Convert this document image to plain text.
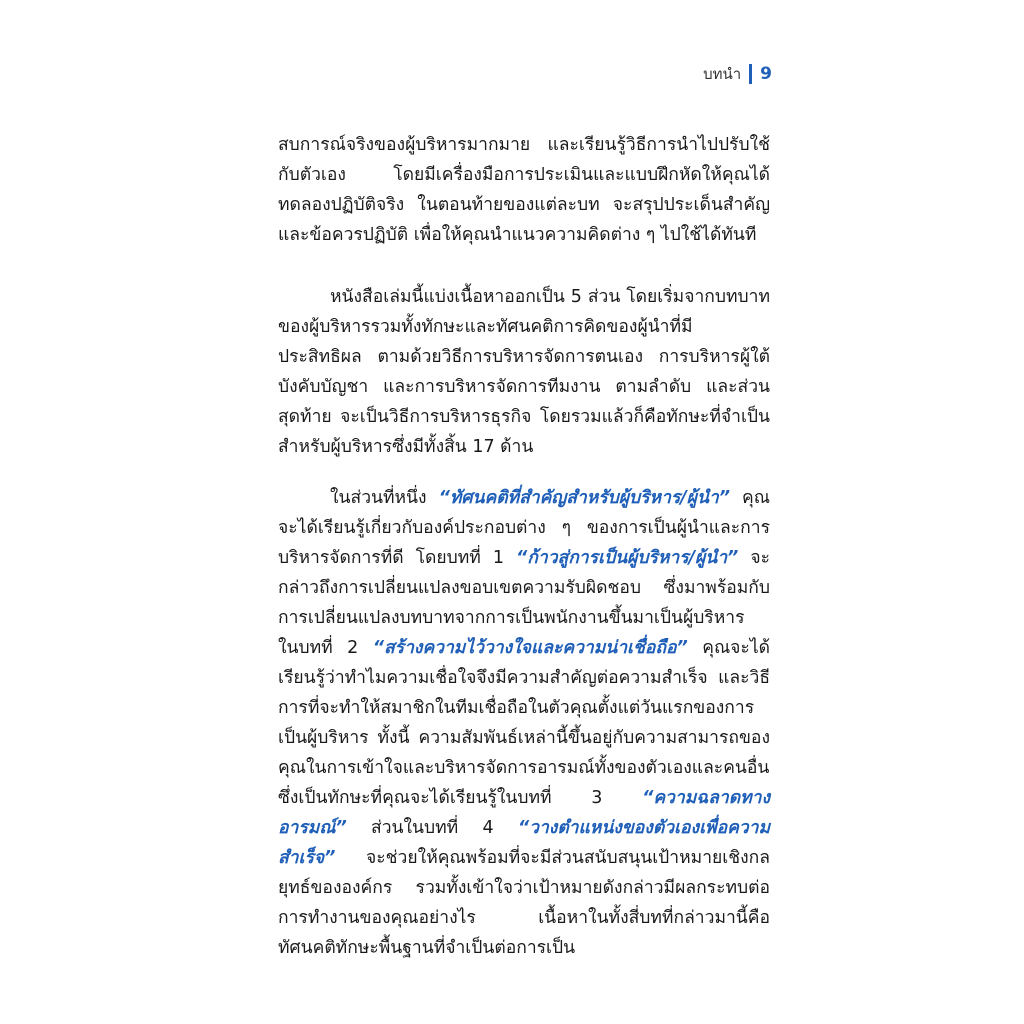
บทนำ 9

สบการณ์จริงของผู้บริหารมากมาย และเรียนรู้วิธีการนำไปปรับใช้กับตัวเอง โดยมีเครื่องมือการประเมินและแบบฝึกหัดให้คุณได้ทดลองปฏิบัติจริง ในตอนท้ายของแต่ละบท จะสรุปประเด็นสำคัญและข้อควรปฏิบัติ เพื่อให้คุณนำแนวความคิดต่าง ๆ ไปใช้ได้ทันที

หนังสือเล่มนี้แบ่งเนื้อหาออกเป็น 5 ส่วน โดยเริ่มจากบทบาทของผู้บริหารรวมทั้งทักษะและทัศนคติการคิดของผู้นำที่มีประสิทธิผล ตามด้วยวิธีการบริหารจัดการตนเอง การบริหารผู้ใต้บังคับบัญชา และการบริหารจัดการทีมงาน ตามลำดับ และส่วนสุดท้าย จะเป็นวิธีการบริหารธุรกิจ โดยรวมแล้วก็คือทักษะที่จำเป็นสำหรับผู้บริหารซึ่งมีทั้งสิ้น 17 ด้าน

ในส่วนที่หนึ่ง “ทัศนคติที่สำคัญสำหรับผู้บริหาร/ผู้นำ” คุณจะได้เรียนรู้เกี่ยวกับองค์ประกอบต่าง ๆ ของการเป็นผู้นำและการบริหารจัดการที่ดี โดยบทที่ 1 “ก้าวสู่การเป็นผู้บริหาร/ผู้นำ” จะกล่าวถึงการเปลี่ยนแปลงขอบเขตความรับผิดชอบ ซึ่งมาพร้อมกับการเปลี่ยนแปลงบทบาทจากการเป็นพนักงานขึ้นมาเป็นผู้บริหาร ในบทที่ 2 “สร้างความไว้วางใจและความน่าเชื่อถือ” คุณจะได้เรียนรู้ว่าทำไมความเชื่อใจจึงมีความสำคัญต่อความสำเร็จ และวิธีการที่จะทำให้สมาชิกในทีมเชื่อถือในตัวคุณตั้งแต่วันแรกของการเป็นผู้บริหาร ทั้งนี้ ความสัมพันธ์เหล่านี้ขึ้นอยู่กับความสามารถของคุณในการเข้าใจและบริหารจัดการอารมณ์ทั้งของตัวเองและคนอื่น ซึ่งเป็นทักษะที่คุณจะได้เรียนรู้ในบทที่ 3 “ความฉลาดทางอารมณ์” ส่วนในบทที่ 4 “วางตำแหน่งของตัวเองเพื่อความสำเร็จ” จะช่วยให้คุณพร้อมที่จะมีส่วนสนับสนุนเป้าหมายเชิงกลยุทธ์ขององค์กร รวมทั้งเข้าใจว่าเป้าหมายดังกล่าวมีผลกระทบต่อการทำงานของคุณอย่างไร เนื้อหาในทั้งสี่บทที่กล่าวมานี้คือทัศนคติทักษะพื้นฐานที่จำเป็นต่อการเป็น
